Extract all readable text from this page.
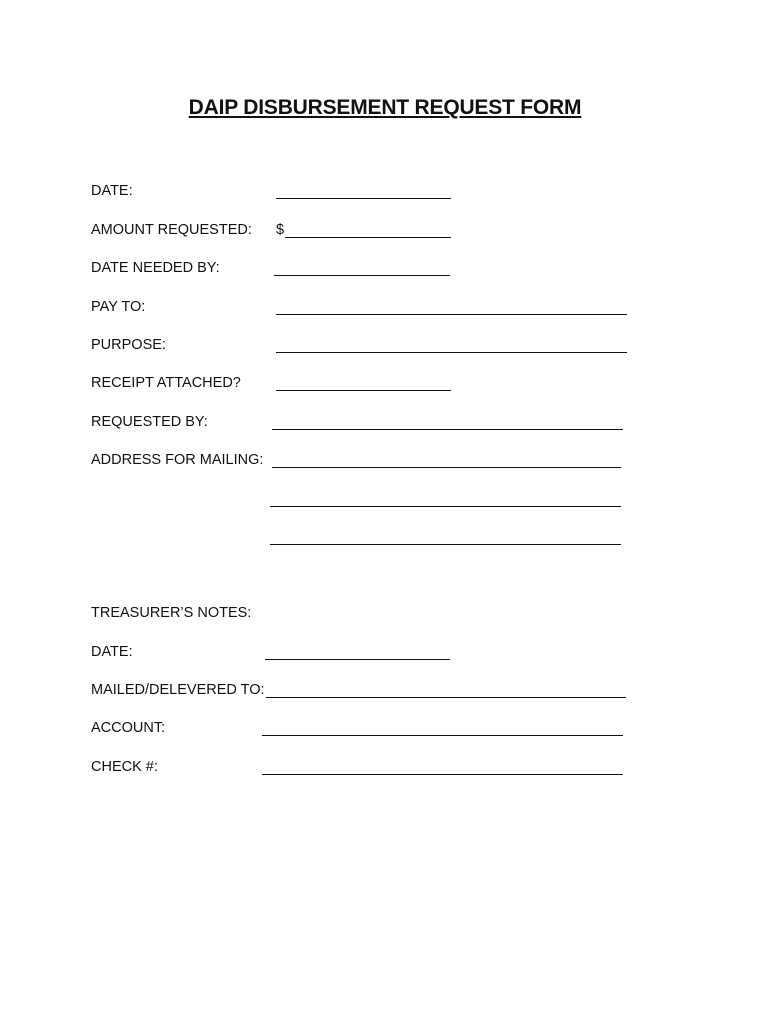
DAIP DISBURSEMENT REQUEST FORM
DATE:
AMOUNT REQUESTED: $
DATE NEEDED BY:
PAY TO:
PURPOSE:
RECEIPT ATTACHED?
REQUESTED BY:
ADDRESS FOR MAILING:
TREASURER’S NOTES:
DATE:
MAILED/DELEVERED TO:
ACCOUNT:
CHECK #:
